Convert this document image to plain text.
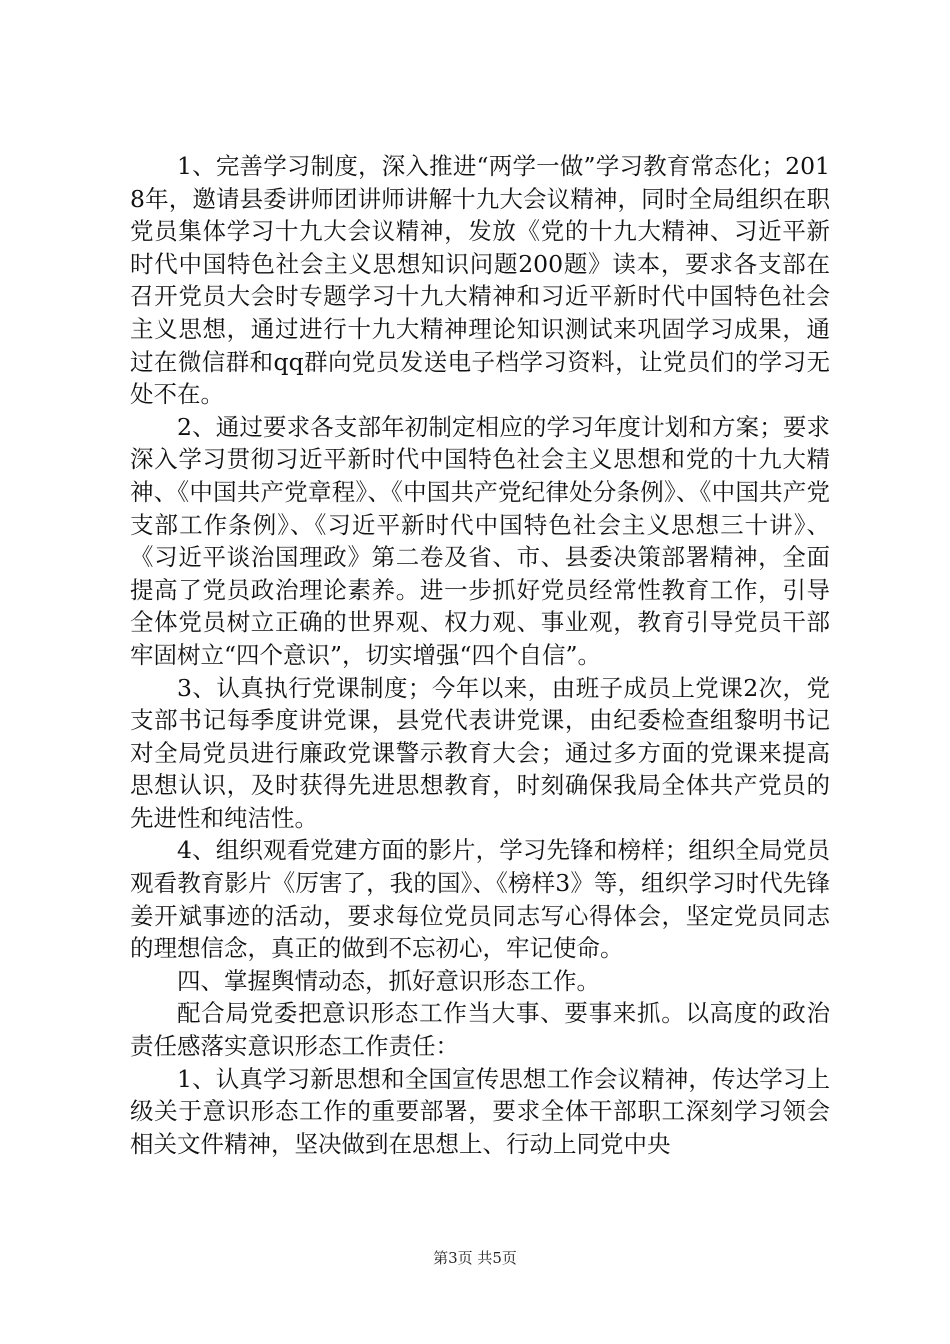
1、完善学习制度，深入推进“两学一做”学习教育常态化；2018年，邀请县委讲师团讲师讲解十九大会议精神，同时全局组织在职党员集体学习十九大会议精神，发放《党的十九大精神、习近平新时代中国特色社会主义思想知识问题200题》读本，要求各支部在召开党员大会时专题学习十九大精神和习近平新时代中国特色社会主义思想，通过进行十九大精神理论知识测试来巩固学习成果，通过在微信群和qq群向党员发送电子档学习资料，让党员们的学习无处不在。

2、通过要求各支部年初制定相应的学习年度计划和方案；要求深入学习贯彻习近平新时代中国特色社会主义思想和党的十九大精神、《中国共产党章程》、《中国共产党纪律处分条例》、《中国共产党支部工作条例》、《习近平新时代中国特色社会主义思想三十讲》、《习近平谈治国理政》第二卷及省、市、县委决策部署精神，全面提高了党员政治理论素养。进一步抓好党员经常性教育工作，引导全体党员树立正确的世界观、权力观、事业观，教育引导党员干部牢固树立“四个意识”，切实增强“四个自信”。

3、认真执行党课制度；今年以来，由班子成员上党课2次，党支部书记每季度讲党课，县党代表讲党课，由纪委检查组黎明书记对全局党员进行廉政党课警示教育大会；通过多方面的党课来提高思想认识，及时获得先进思想教育，时刻确保我局全体共产党员的先进性和纯洁性。

4、组织观看党建方面的影片，学习先锋和榜样；组织全局党员观看教育影片《厉害了，我的国》、《榜样3》等，组织学习时代先锋姜开斌事迹的活动，要求每位党员同志写心得体会，坚定党员同志的理想信念，真正的做到不忘初心，牢记使命。

四、掌握舆情动态，抓好意识形态工作。

配合局党委把意识形态工作当大事、要事来抓。以高度的政治责任感落实意识形态工作责任：

1、认真学习新思想和全国宣传思想工作会议精神，传达学习上级关于意识形态工作的重要部署，要求全体干部职工深刻学习领会相关文件精神，坚决做到在思想上、行动上同党中央

第3页 共5页
